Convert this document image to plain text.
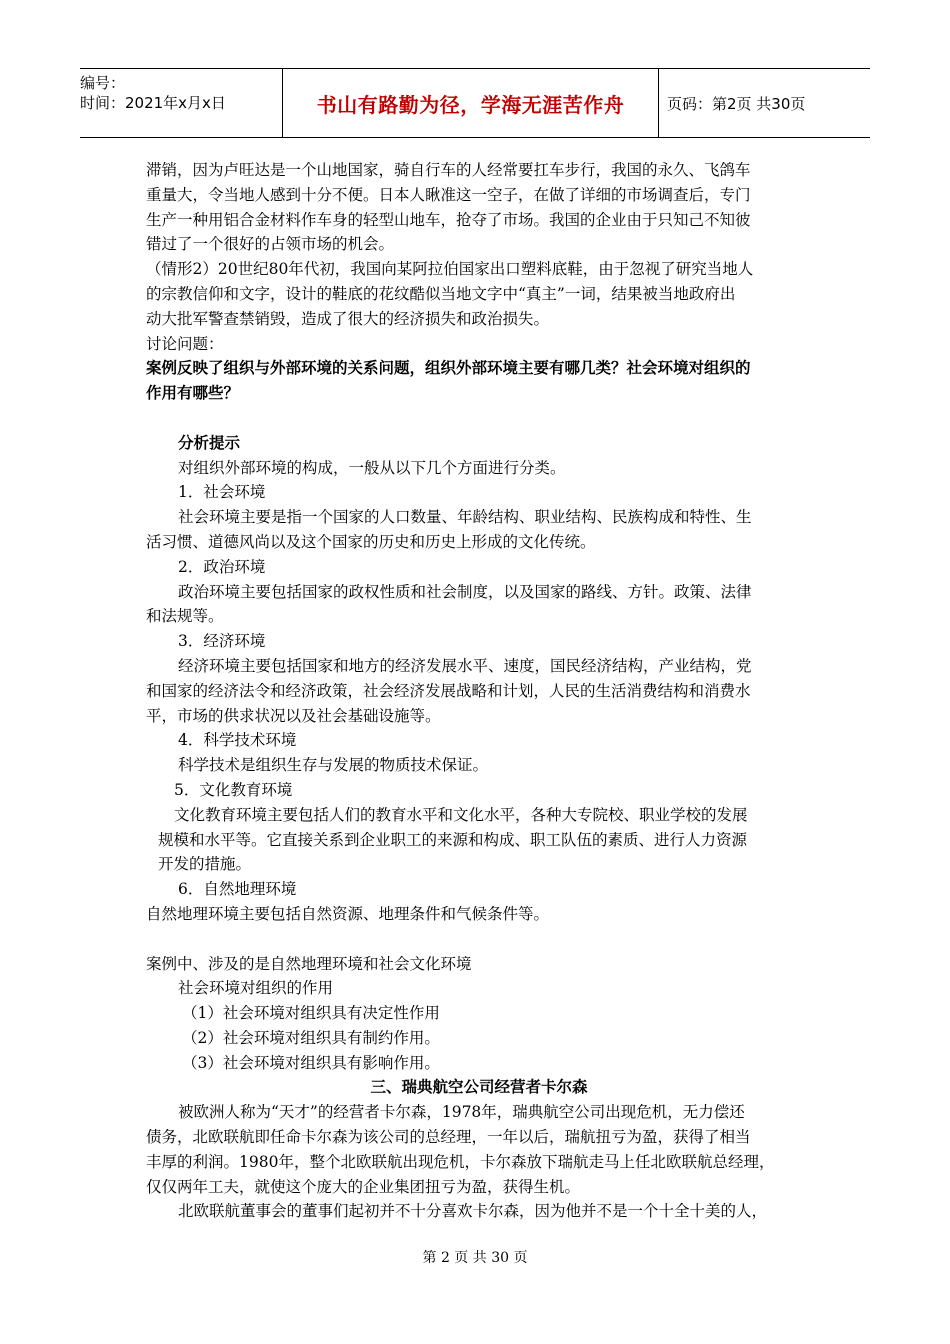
编号：
时间：2021年x月x日	书山有路勤为径，学海无涯苦作舟	页码：第2页 共30页

滞销，因为卢旺达是一个山地国家，骑自行车的人经常要扛车步行，我国的永久、飞鸽车

重量大，令当地人感到十分不便。日本人瞅准这一空子，在做了详细的市场调查后，专门

生产一种用铝合金材料作车身的轻型山地车，抢夺了市场。我国的企业由于只知己不知彼

错过了一个很好的占领市场的机会。

（情形2）20世纪80年代初，我国向某阿拉伯国家出口塑料底鞋，由于忽视了研究当地人

的宗教信仰和文字，设计的鞋底的花纹酷似当地文字中“真主”一词，结果被当地政府出

动大批军警查禁销毁，造成了很大的经济损失和政治损失。

讨论问题：

案例反映了组织与外部环境的关系问题，组织外部环境主要有哪几类？社会环境对组织的

作用有哪些？

分析提示

对组织外部环境的构成，一般从以下几个方面进行分类。

1．社会环境

社会环境主要是指一个国家的人口数量、年龄结构、职业结构、民族构成和特性、生

活习惯、道德风尚以及这个国家的历史和历史上形成的文化传统。

2．政治环境

政治环境主要包括国家的政权性质和社会制度，以及国家的路线、方针。政策、法律

和法规等。

3．经济环境

经济环境主要包括国家和地方的经济发展水平、速度，国民经济结构，产业结构，党

和国家的经济法令和经济政策，社会经济发展战略和计划，人民的生活消费结构和消费水

平，市场的供求状况以及社会基础设施等。

4．科学技术环境

科学技术是组织生存与发展的物质技术保证。

5．文化教育环境

文化教育环境主要包括人们的教育水平和文化水平，各种大专院校、职业学校的发展

规模和水平等。它直接关系到企业职工的来源和构成、职工队伍的素质、进行人力资源

开发的措施。

6．自然地理环境

自然地理环境主要包括自然资源、地理条件和气候条件等。

案例中、涉及的是自然地理环境和社会文化环境

社会环境对组织的作用

（1）社会环境对组织具有决定性作用

（2）社会环境对组织具有制约作用。

（3）社会环境对组织具有影响作用。

三、瑞典航空公司经营者卡尔森

被欧洲人称为“天才”的经营者卡尔森，1978年，瑞典航空公司出现危机，无力偿还

债务，北欧联航即任命卡尔森为该公司的总经理，一年以后，瑞航扭亏为盈，获得了相当

丰厚的利润。1980年，整个北欧联航出现危机，卡尔森放下瑞航走马上任北欧联航总经理，

仅仅两年工夫，就使这个庞大的企业集团扭亏为盈，获得生机。

北欧联航董事会的董事们起初并不十分喜欢卡尔森，因为他并不是一个十全十美的人，

第 2 页 共 30 页
